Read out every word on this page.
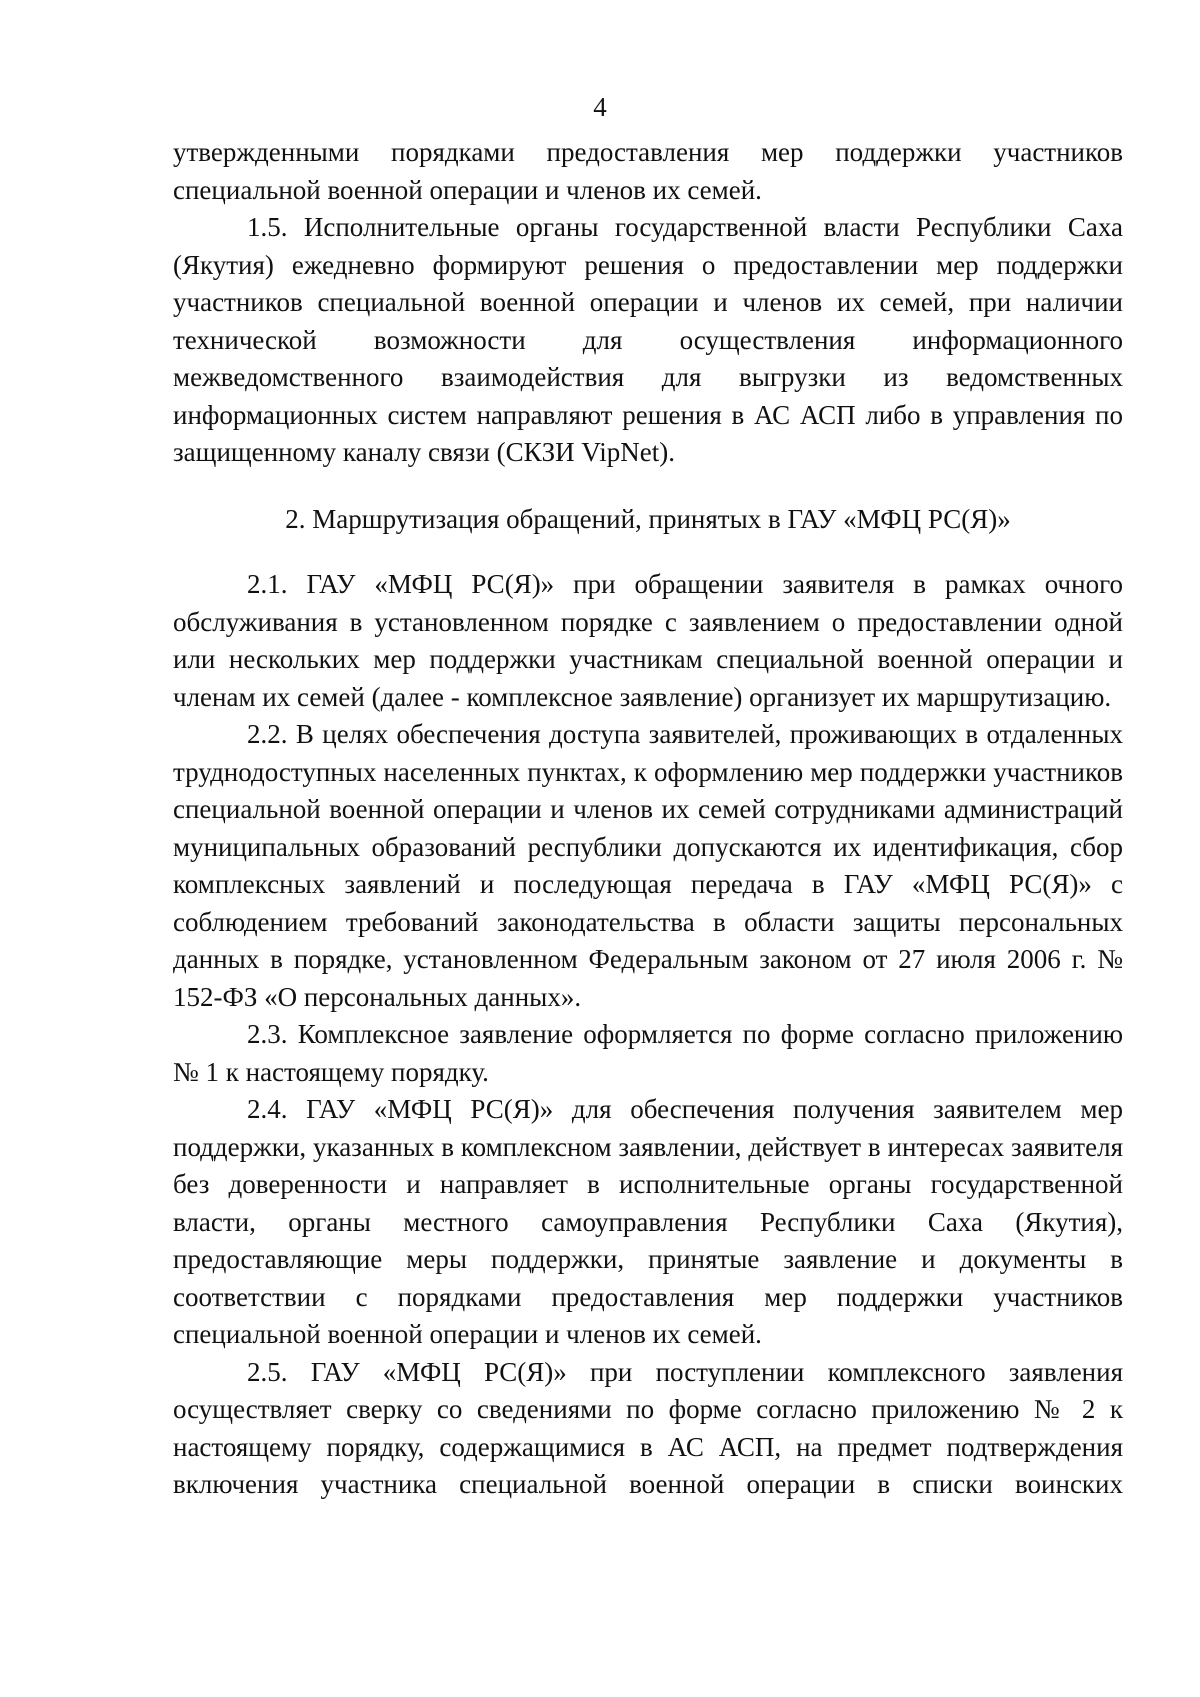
4

утвержденными порядками предоставления мер поддержки участников специальной военной операции и членов их семей.

1.5. Исполнительные органы государственной власти Республики Саха (Якутия) ежедневно формируют решения о предоставлении мер поддержки участников специальной военной операции и членов их семей, при наличии технической возможности для осуществления информационного межведомственного взаимодействия для выгрузки из ведомственных информационных систем направляют решения в АС АСП либо в управления по защищенному каналу связи (СКЗИ VipNet).

2. Маршрутизация обращений, принятых в ГАУ «МФЦ РС(Я)»

2.1. ГАУ «МФЦ РС(Я)» при обращении заявителя в рамках очного обслуживания в установленном порядке с заявлением о предоставлении одной или нескольких мер поддержки участникам специальной военной операции и членам их семей (далее - комплексное заявление) организует их маршрутизацию.

2.2. В целях обеспечения доступа заявителей, проживающих в отдаленных труднодоступных населенных пунктах, к оформлению мер поддержки участников специальной военной операции и членов их семей сотрудниками администраций муниципальных образований республики допускаются их идентификация, сбор комплексных заявлений и последующая передача в ГАУ «МФЦ РС(Я)» с соблюдением требований законодательства в области защиты персональных данных в порядке, установленном Федеральным законом от 27 июля 2006 г. № 152-ФЗ «О персональных данных».

2.3. Комплексное заявление оформляется по форме согласно приложению № 1 к настоящему порядку.

2.4. ГАУ «МФЦ РС(Я)» для обеспечения получения заявителем мер поддержки, указанных в комплексном заявлении, действует в интересах заявителя без доверенности и направляет в исполнительные органы государственной власти, органы местного самоуправления Республики Саха (Якутия), предоставляющие меры поддержки, принятые заявление и документы в соответствии с порядками предоставления мер поддержки участников специальной военной операции и членов их семей.

2.5. ГАУ «МФЦ РС(Я)» при поступлении комплексного заявления осуществляет сверку со сведениями по форме согласно приложению № 2 к настоящему порядку, содержащимися в АС АСП, на предмет подтверждения включения участника специальной военной операции в списки воинских
